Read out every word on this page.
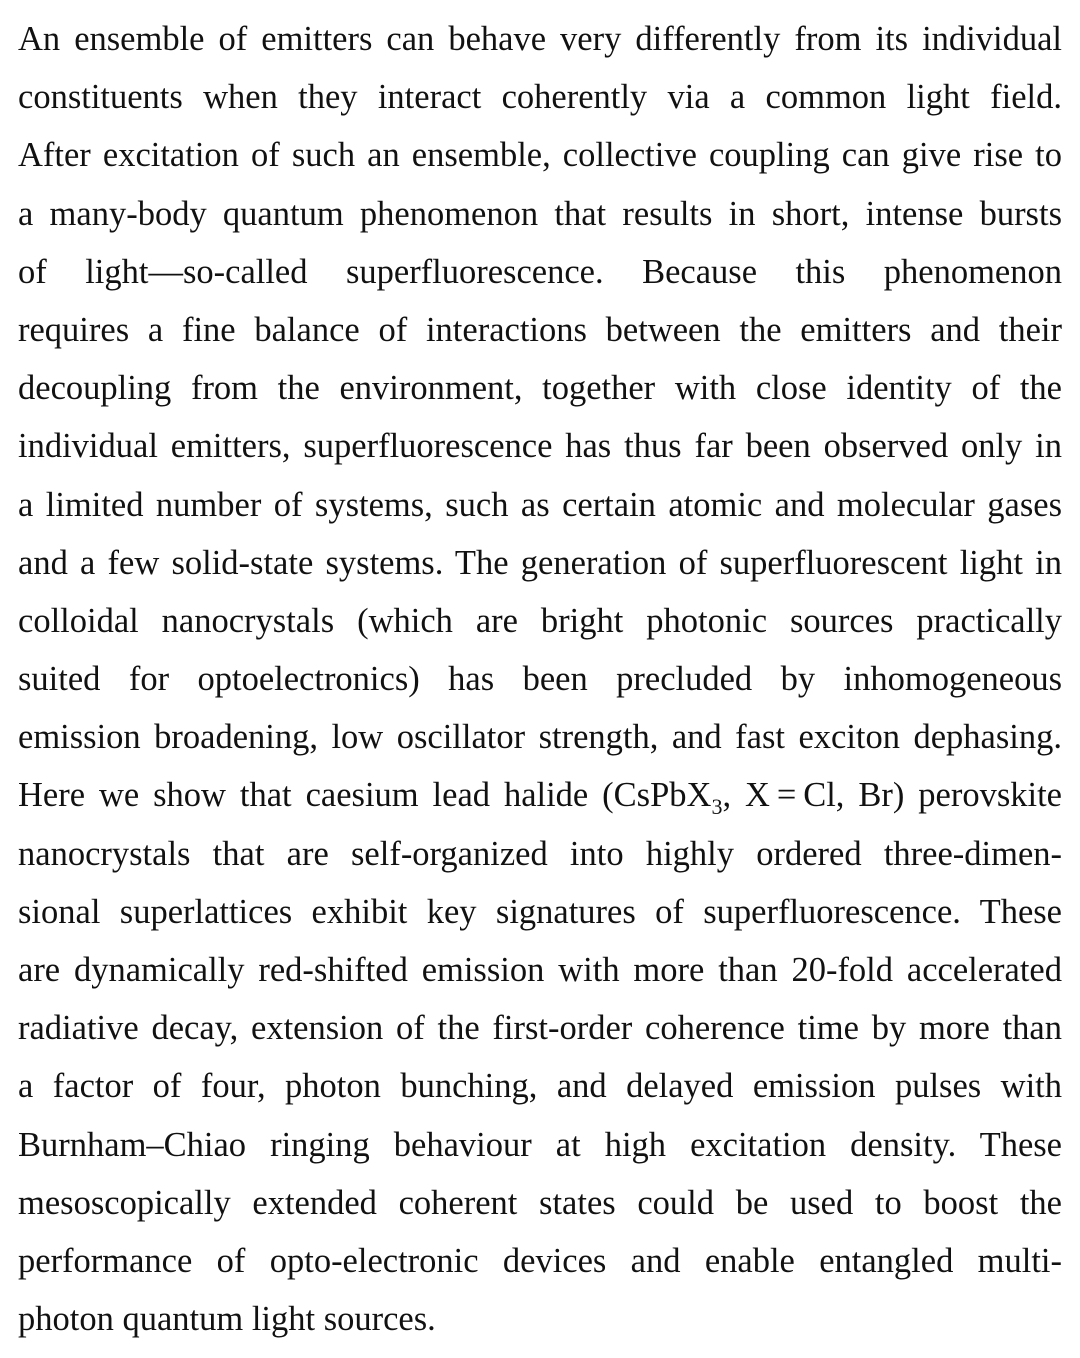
An ensemble of emitters can behave very differently from its individual
constituents when they interact coherently via a common light field.
After excitation of such an ensemble, collective coupling can give rise to
a many-body quantum phenomenon that results in short, intense bursts
of light—so-called superfluorescence. Because this phenomenon
requires a fine balance of interactions between the emitters and their
decoupling from the environment, together with close identity of the
individual emitters, superfluorescence has thus far been observed only in
a limited number of systems, such as certain atomic and molecular gases
and a few solid-state systems. The generation of superfluorescent light in
colloidal nanocrystals (which are bright photonic sources practically
suited for optoelectronics) has been precluded by inhomogeneous
emission broadening, low oscillator strength, and fast exciton dephasing.
Here we show that caesium lead halide (CsPbX$_3$, X = Cl, Br) perovskite
nanocrystals that are self-organized into highly ordered three-dimen-
sional superlattices exhibit key signatures of superfluorescence. These
are dynamically red-shifted emission with more than 20-fold accelerated
radiative decay, extension of the first-order coherence time by more than
a factor of four, photon bunching, and delayed emission pulses with
Burnham–Chiao ringing behaviour at high excitation density. These
mesoscopically extended coherent states could be used to boost the
performance of opto-electronic devices and enable entangled multi-
photon quantum light sources.
